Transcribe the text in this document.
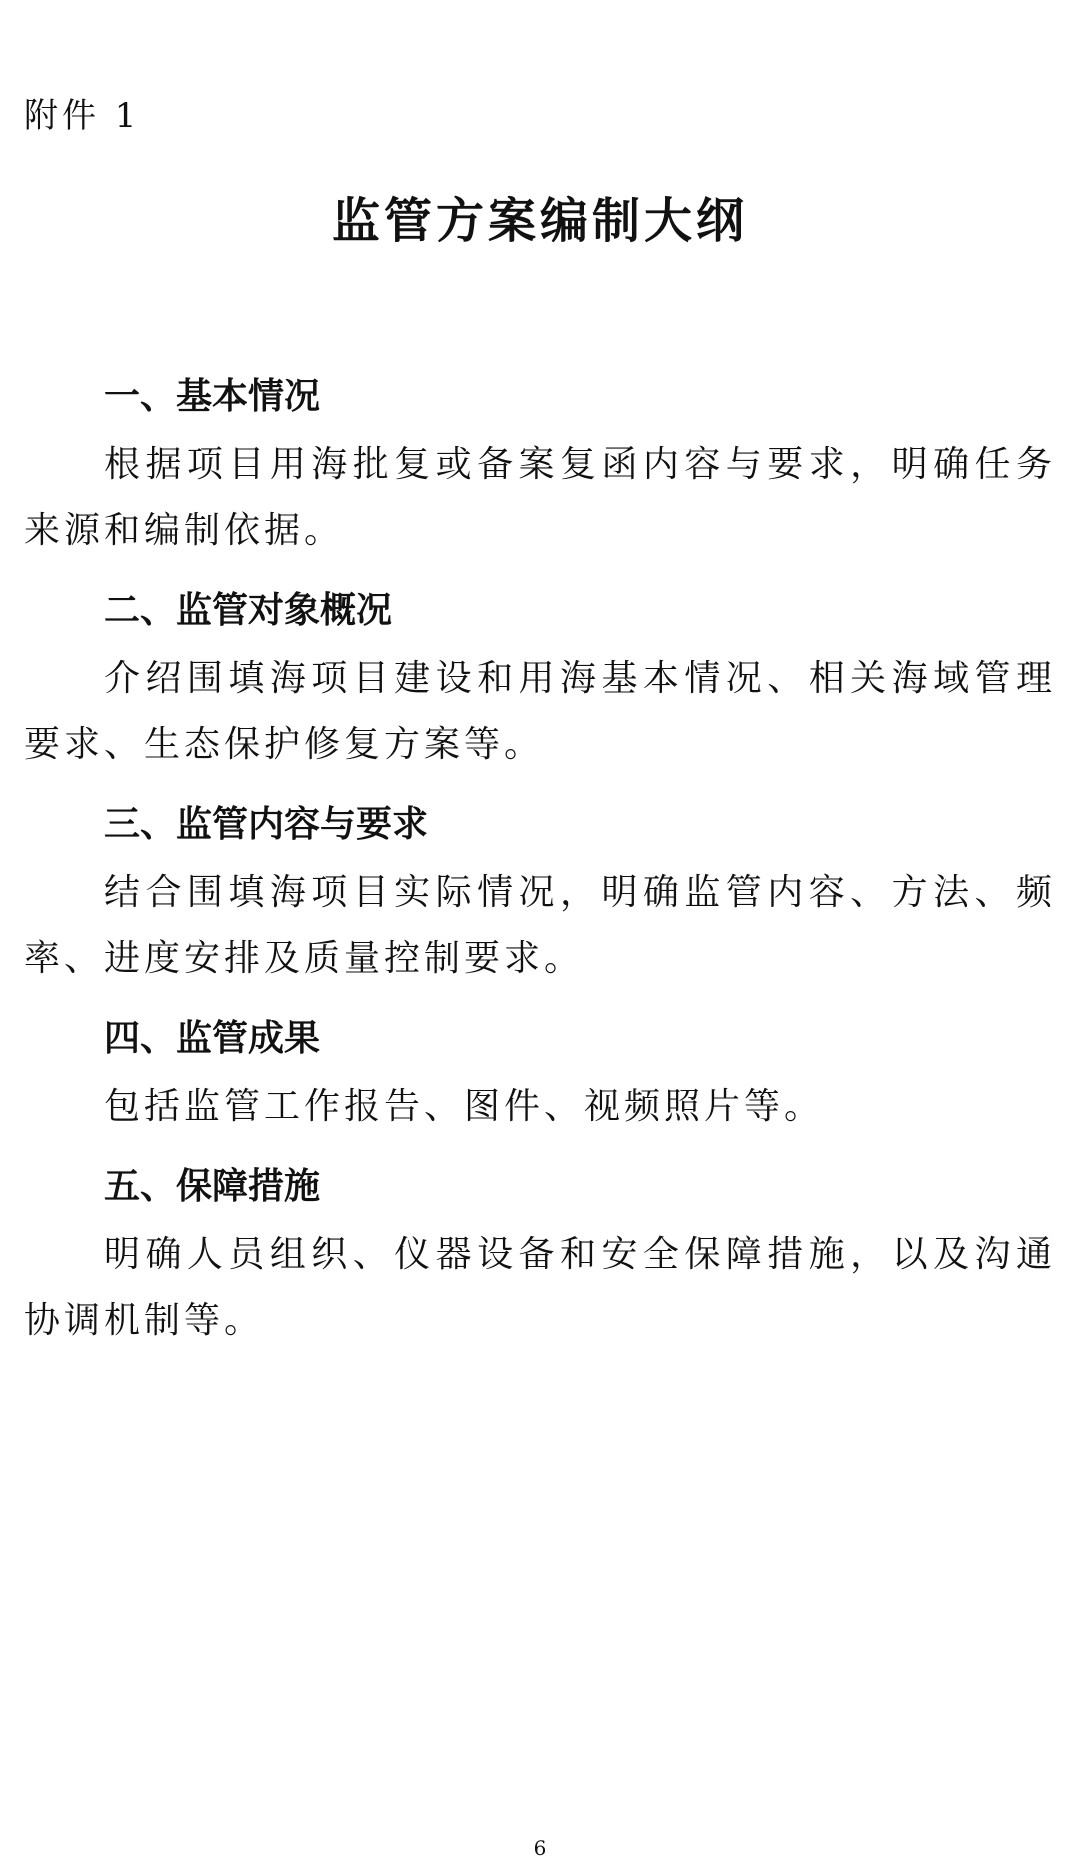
附件 1

监管方案编制大纲
一、基本情况

根据项目用海批复或备案复函内容与要求，明确任务来源和编制依据。

二、监管对象概况

介绍围填海项目建设和用海基本情况、相关海域管理要求、生态保护修复方案等。

三、监管内容与要求

结合围填海项目实际情况，明确监管内容、方法、频率、进度安排及质量控制要求。

四、监管成果

包括监管工作报告、图件、视频照片等。

五、保障措施

明确人员组织、仪器设备和安全保障措施，以及沟通协调机制等。

6
